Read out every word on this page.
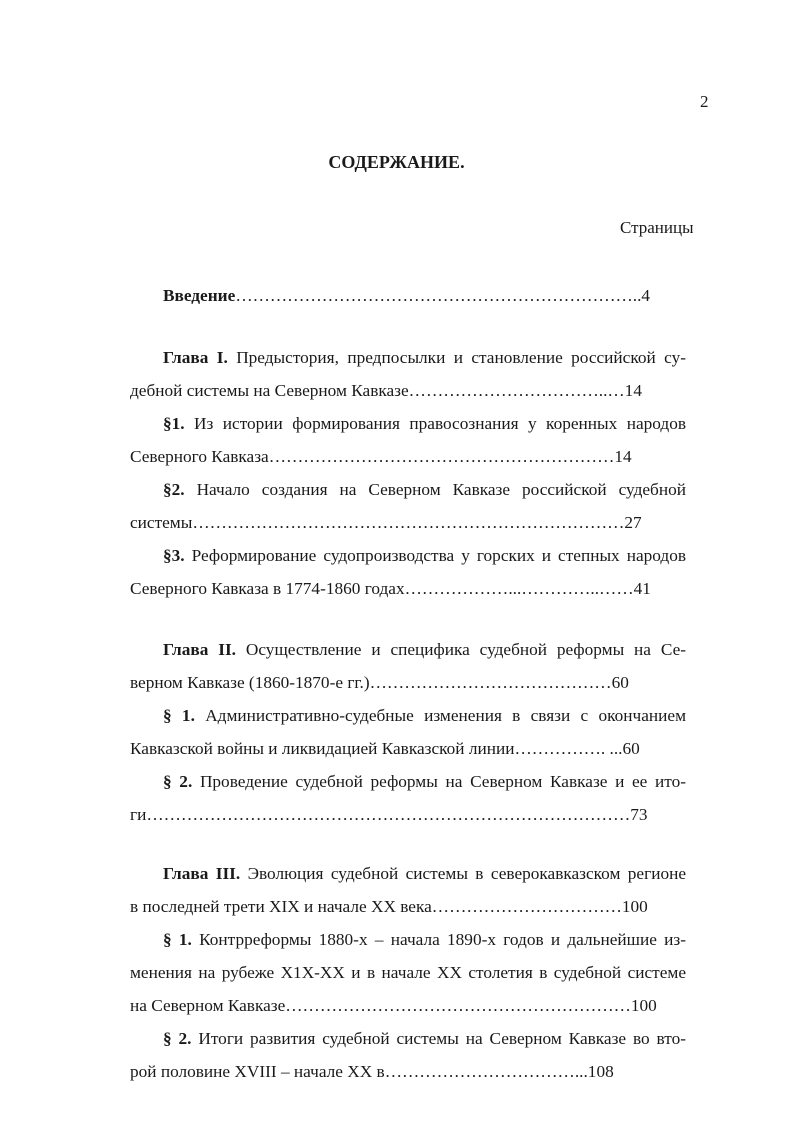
2
СОДЕРЖАНИЕ.
Страницы
Введение……………………………………………………………..4
Глава I. Предыстория, предпосылки и становление российской су-
дебной системы на Северном Кавказе……………………………..…14
§1. Из истории формирования правосознания у коренных народов
Северного Кавказа……………………………………………………14
§2. Начало создания на Северном Кавказе российской судебной
системы…………………………………………………………………27
§3. Реформирование судопроизводства у горских и степных народов
Северного Кавказа в 1774-1860 годах………………...…………..……41
Глава II. Осуществление и специфика судебной реформы на Се-
верном Кавказе (1860-1870-е гг.)……………………………………60
§ 1. Административно-судебные изменения в связи с окончанием
Кавказской войны и ликвидацией Кавказской линии……………. ...60
§ 2. Проведение судебной реформы на Северном Кавказе и ее ито-
ги…………………………………………………………………………73
Глава III. Эволюция судебной системы в северокавказском регионе
в последней трети XIX и начале XX века……………………………100
§ 1. Контрреформы 1880-х – начала 1890-х годов и дальнейшие из-
менения на рубеже Х1Х-ХХ и в начале ХХ столетия в судебной системе
на Северном Кавказе……………………………………………………100
§ 2. Итоги развития судебной системы на Северном Кавказе во вто-
рой половине XVIII – начале XX в……………………………...108
